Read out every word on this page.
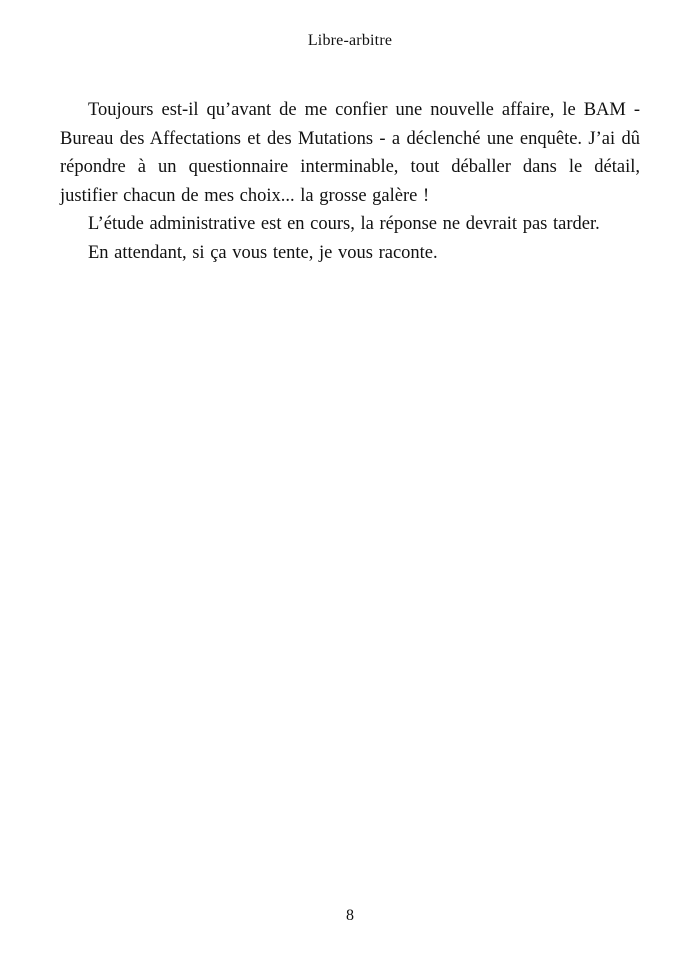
Libre-arbitre

Toujours est-il qu’avant de me confier une nouvelle affaire, le BAM - Bureau des Affectations et des Mutations - a déclenché une enquête. J’ai dû répondre à un questionnaire interminable, tout déballer dans le détail, justifier chacun de mes choix... la grosse galère !

L’étude administrative est en cours, la réponse ne devrait pas tarder.

En attendant, si ça vous tente, je vous raconte.

8
